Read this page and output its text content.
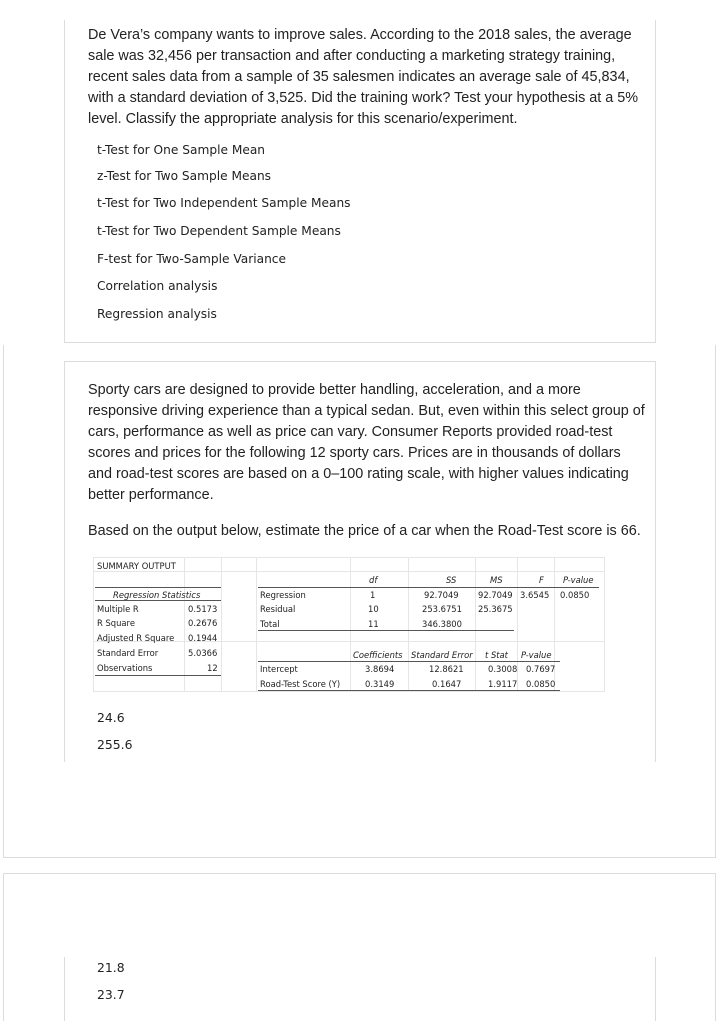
De Vera’s company wants to improve sales. According to the 2018 sales, the average sale was 32,456 per transaction and after conducting a marketing strategy training, recent sales data from a sample of 35 salesmen indicates an average sale of 45,834, with a standard deviation of 3,525. Did the training work? Test your hypothesis at a 5% level. Classify the appropriate analysis for this scenario/experiment.
t-Test for One Sample Mean
z-Test for Two Sample Means
t-Test for Two Independent Sample Means
t-Test for Two Dependent Sample Means
F-test for Two-Sample Variance
Correlation analysis
Regression analysis
Sporty cars are designed to provide better handling, acceleration, and a more responsive driving experience than a typical sedan. But, even within this select group of cars, performance as well as price can vary. Consumer Reports provided road-test scores and prices for the following 12 sporty cars. Prices are in thousands of dollars and road-test scores are based on a 0–100 rating scale, with higher values indicating better performance.
Based on the output below, estimate the price of a car when the Road-Test score is 66.
SUMMARY OUTPUT
Regression Statistics
Multiple R	0.5173
R Square	0.2676
Adjusted R Square 0.1944
Standard Error	5.0366
Observations	12
df	SS	MS	F P-value
Regression	1	92.7049 92.7049 3.6545 0.0850
Residual	10	253.6751 25.3675
Total	11	346.3800
Coefficients Standard Error t Stat P-value
Intercept	3.8694	12.8621	0.3008 0.7697
Road-Test Score (Y)	0.3149	0.1647	1.9117 0.0850
24.6
255.6
21.8
23.7
